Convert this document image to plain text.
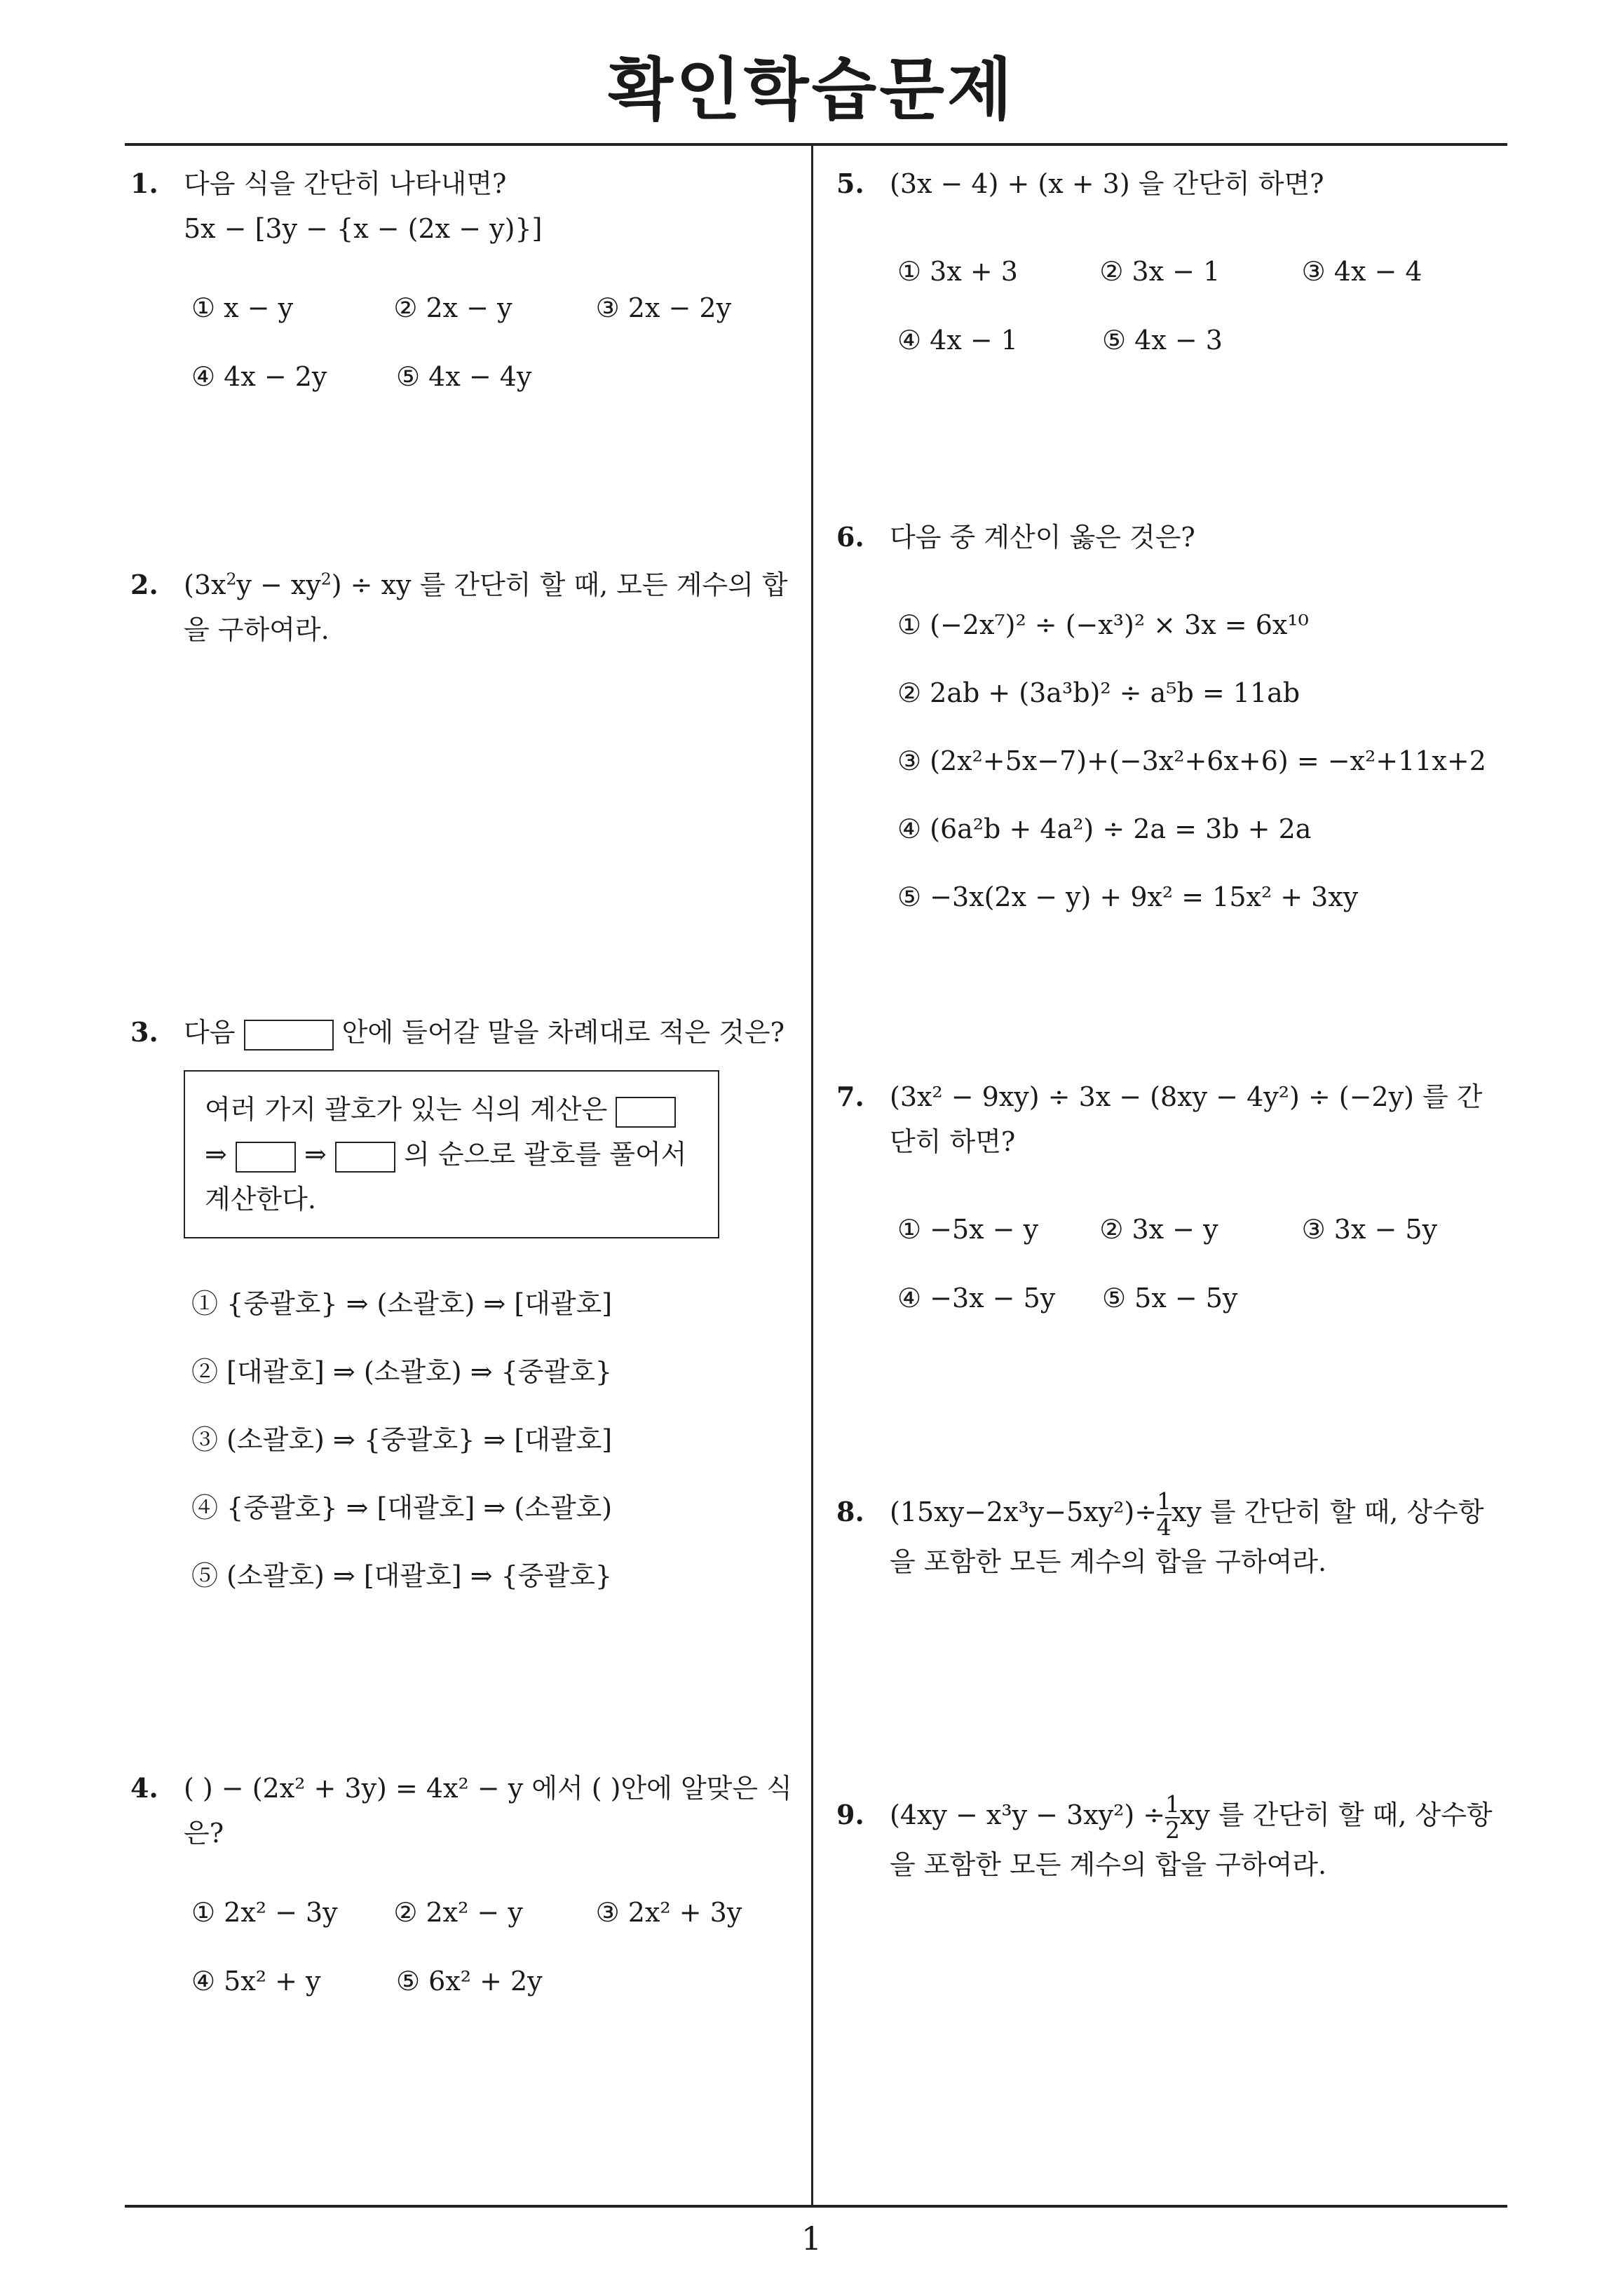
확인학습문제
1
1. 다음 식을 간단히 나타내면?
5x − [3y − {x − (2x − y)}]
① x − y	② 2x − y	③ 2x − 2y
④ 4x − 2y	⑤ 4x − 4y
2. $(3x^2y - xy^2)$ ÷ xy 를 간단히 할 때, 모든 계수의 합을 구하여라.
3. 다음	안에 들어갈 말을 차례대로 적은 것은?
여러 가지 괄호가 있는 식의 계산은  ⇒	⇒	의 순으로 괄호를 풀어서 계산한다.
① {중괄호} ⇒ (소괄호) ⇒ [대괄호]
② [대괄호] ⇒ (소괄호) ⇒ {중괄호}
③ (소괄호) ⇒ {중괄호} ⇒ [대괄호]
④ {중괄호} ⇒ [대괄호] ⇒ (소괄호)
⑤ (소괄호) ⇒ [대괄호] ⇒ {중괄호}
4. ( ) − (2x² + 3y) = 4x² − y 에서 ( )안에 알맞은 식은?
① 2x² − 3y	② 2x² − y	③ 2x² + 3y
④ 5x² + y	⑤ 6x² + 2y
5. (3x − 4) + (x + 3) 을 간단히 하면?
① 3x + 3	② 3x − 1	③ 4x − 4
④ 4x − 1	⑤ 4x − 3
6. 다음 중 계산이 옳은 것은?
① (−2x⁷)² ÷ (−x³)² × 3x = 6x¹⁰
② 2ab + (3a³b)² ÷ a⁵b = 11ab
③ (2x²+5x−7)+(−3x²+6x+6) = −x²+11x+2
④ (6a²b + 4a²) ÷ 2a = 3b + 2a
⑤ −3x(2x − y) + 9x² = 15x² + 3xy
7. (3x² − 9xy) ÷ 3x − (8xy − 4y²) ÷ (−2y) 를 간단히 하면?
① −5x − y	② 3x − y	③ 3x − 5y
④ −3x − 5y	⑤ 5x − 5y
8. $(15xy-2x^3y-5xy^2)\div \frac{1}{4}$ xy 를 간단히 할 때, 상수항을 포함한 모든 계수의 합을 구하여라.
9. $(4xy - x^3y - 3xy^2) \div \frac{1}{2}$ xy 를 간단히 할 때, 상수항을 포함한 모든 계수의 합을 구하여라.
